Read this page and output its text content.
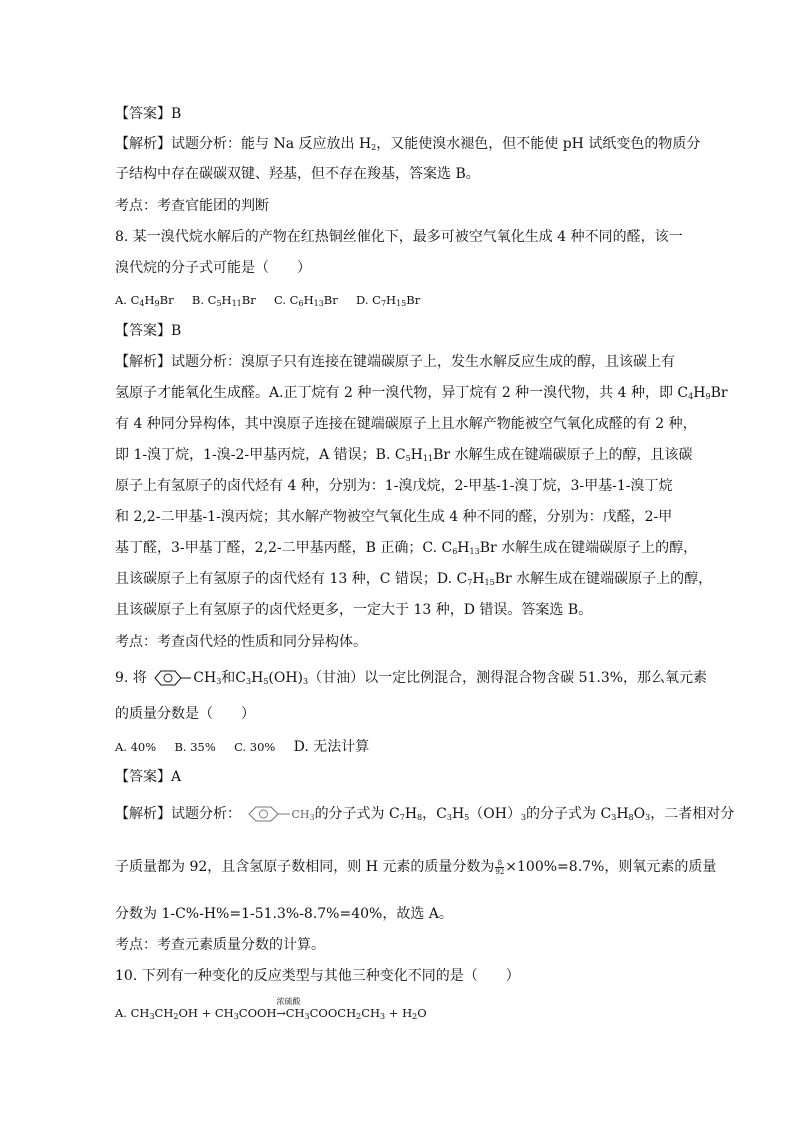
【答案】B
【解析】试题分析：能与 Na 反应放出 $H_2$，又能使溴水褪色，但不能使 pH 试纸变色的物质分
子结构中存在碳碳双键、羟基，但不存在羧基，答案选 B。
考点：考查官能团的判断
8. 某一溴代烷水解后的产物在红热铜丝催化下，最多可被空气氧化生成 4 种不同的醛，该一
溴代烷的分子式可能是（　　）
A. $C_4H_9Br$ B. $C_5H_{11}Br$ C. $C_6H_{13}Br$ D. $C_7H_{15}Br$
【答案】B
【解析】试题分析：溴原子只有连接在键端碳原子上，发生水解反应生成的醇，且该碳上有
氢原子才能氧化生成醛。A.正丁烷有 2 种一溴代物，异丁烷有 2 种一溴代物，共 4 种，即 $C_4H_9Br$
有 4 种同分异构体，其中溴原子连接在键端碳原子上且水解产物能被空气氧化成醛的有 2 种，
即 1-溴丁烷，1-溴-2-甲基丙烷，A 错误；B. $C_5H_{11}Br$ 水解生成在键端碳原子上的醇，且该碳
原子上有氢原子的卤代烃有 4 种，分别为：1-溴戊烷，2-甲基-1-溴丁烷，3-甲基-1-溴丁烷
和 2,2-二甲基-1-溴丙烷；其水解产物被空气氧化生成 4 种不同的醛，分别为：戊醛，2-甲
基丁醛，3-甲基丁醛，2,2-二甲基丙醛，B 正确；C. $C_6H_{13}Br$ 水解生成在键端碳原子上的醇，
且该碳原子上有氢原子的卤代烃有 13 种，C 错误；D. $C_7H_{15}Br$ 水解生成在键端碳原子上的醇，
且该碳原子上有氢原子的卤代烃更多，一定大于 13 种，D 错误。答案选 B。
考点：考查卤代烃的性质和同分异构体。
9. 将	$CH_3$和$C_3H_5(OH)_3$（甘油）以一定比例混合，测得混合物含碳 51.3%，那么氧元素
的质量分数是（　　）
A. 40% B. 35% C. 30% D. 无法计算
【答案】A
【解析】试题分析：	$CH_3$的分子式为 $C_7H_8$，$C_3H_5(OH)_3$的分子式为 $C_3H_8O_3$，二者相对分
子质量都为 92，且含氢原子数相同，则 H 元素的质量分数为 $\frac{8}{92} \times 100\%=8.7\%$，则氧元素的质量
分数为 1-C%-H%=1-51.3%-8.7%=40%，故选 A。
考点：考查元素质量分数的计算。
10. 下列有一种变化的反应类型与其他三种变化不同的是（　　）
A. $CH_3CH_2OH$ + $CH_3COOH$
浓硫酸
$\to CH_3COOCH_2CH_3 + H_2O$
